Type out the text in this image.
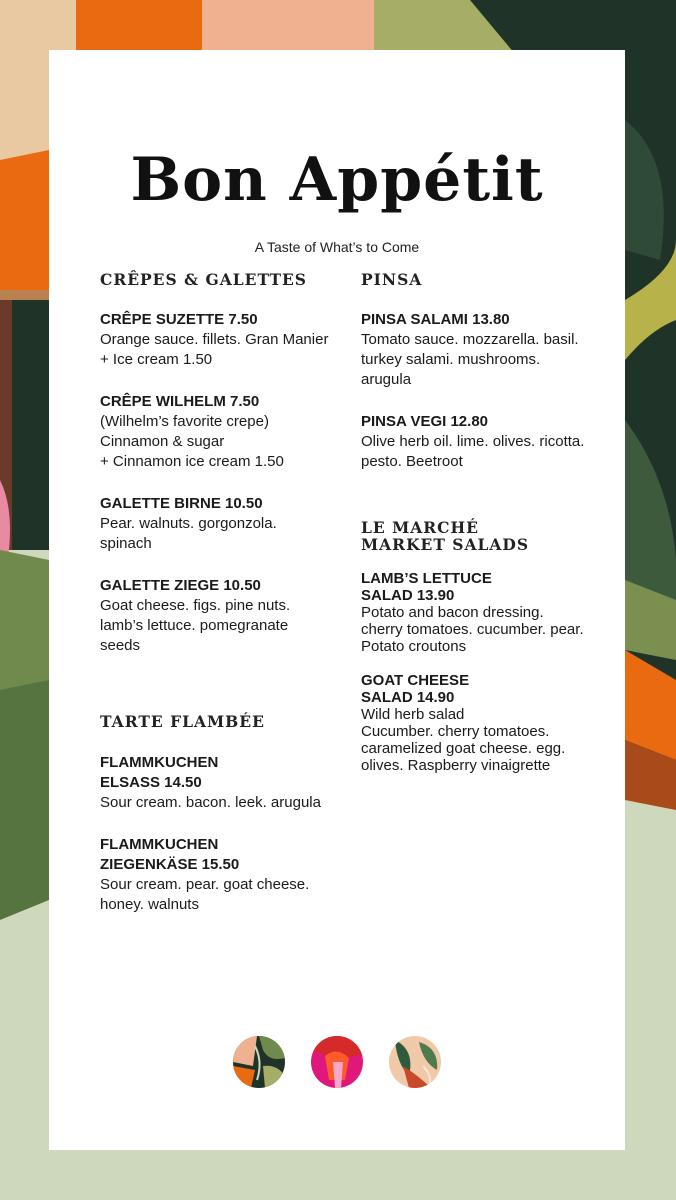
Bon Appétit
A Taste of What’s to Come
CRÊPES & GALETTES
CRÊPE SUZETTE 7.50
Orange sauce. fillets. Gran Manier
+ Ice cream 1.50
CRÊPE WILHELM 7.50
(Wilhelm’s favorite crepe)
Cinnamon & sugar
+ Cinnamon ice cream 1.50
GALETTE BIRNE 10.50
Pear. walnuts. gorgonzola. spinach
GALETTE ZIEGE 10.50
Goat cheese. figs. pine nuts. lamb’s lettuce. pomegranate seeds
TARTE FLAMBÉE
FLAMMKUCHEN
ELSASS 14.50
Sour cream. bacon. leek. arugula
FLAMMKUCHEN
ZIEGENKÄSE 15.50
Sour cream. pear. goat cheese. honey. walnuts
PINSA
PINSA SALAMI 13.80
Tomato sauce. mozzarella. basil. turkey salami. mushrooms. arugula
PINSA VEGI 12.80
Olive herb oil. lime. olives. ricotta. pesto. Beetroot
LE MARCHÉ
MARKET SALADS
LAMB’S LETTUCE
SALAD 13.90
Potato and bacon dressing. cherry tomatoes. cucumber. pear. Potato croutons
GOAT CHEESE
SALAD 14.90
Wild herb salad
Cucumber. cherry tomatoes. caramelized goat cheese. egg. olives. Raspberry vinaigrette
